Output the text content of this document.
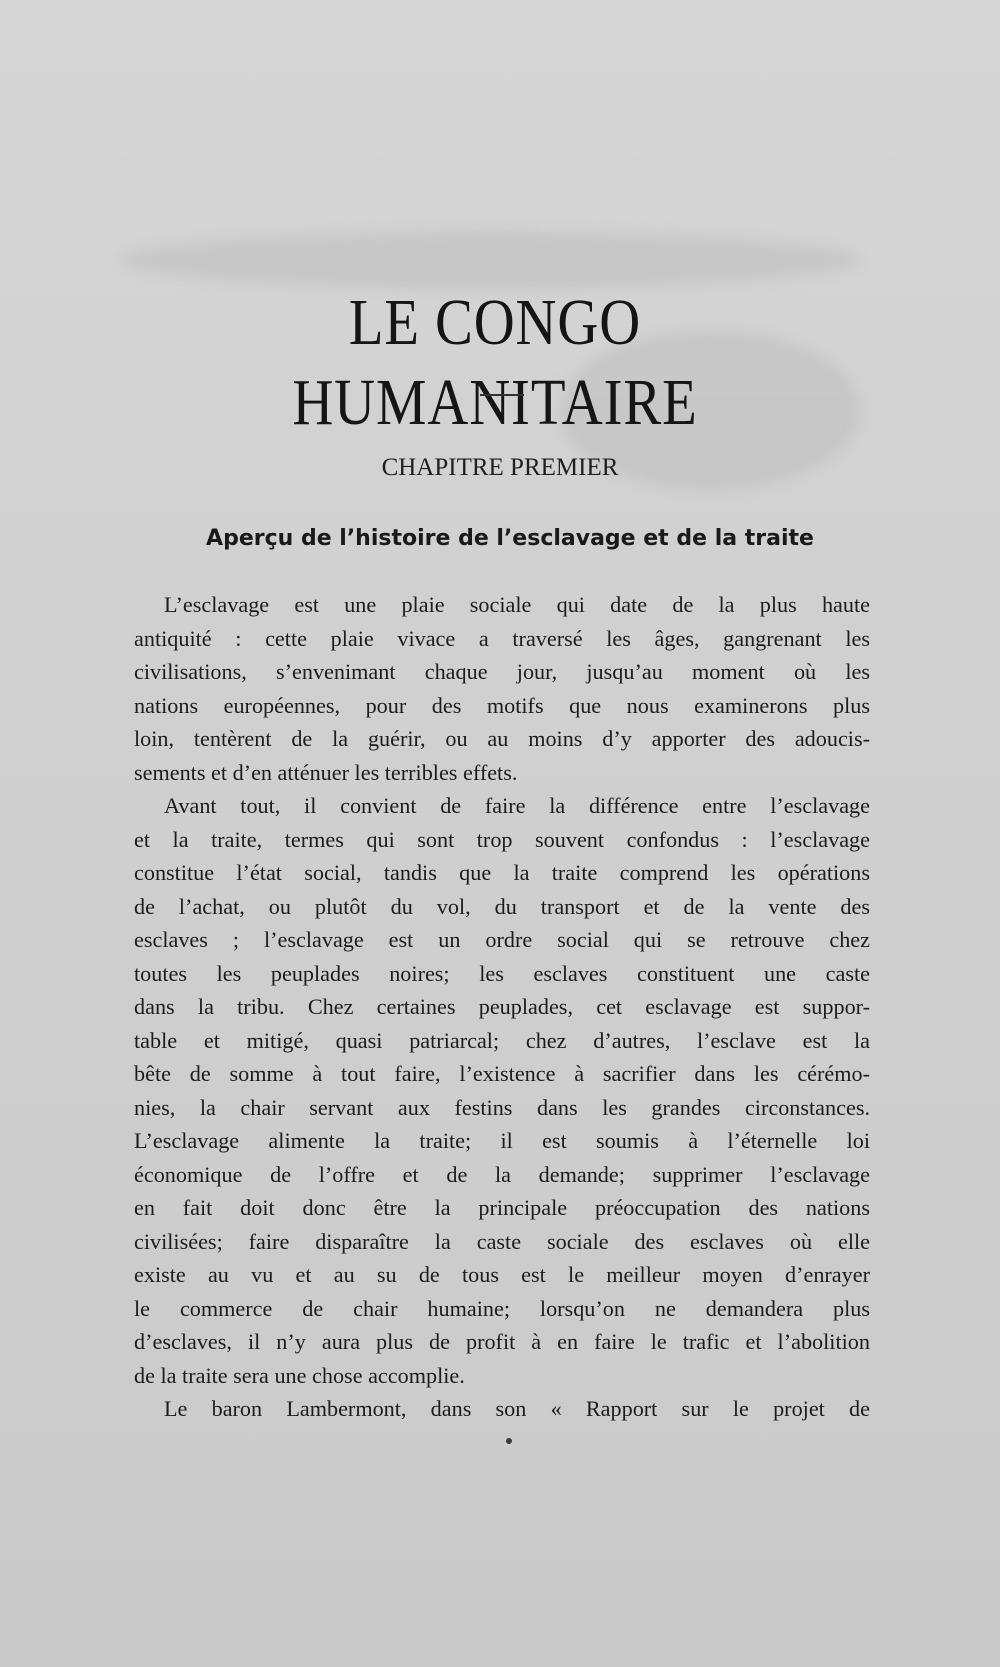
LE CONGO HUMANITAIRE
CHAPITRE PREMIER
Aperçu de l’histoire de l’esclavage et de la traite
L’esclavage est une plaie sociale qui date de la plus haute
antiquité : cette plaie vivace a traversé les âges, gangrenant les
civilisations, s’envenimant chaque jour, jusqu’au moment où les
nations européennes, pour des motifs que nous examinerons plus
loin, tentèrent de la guérir, ou au moins d’y apporter des adoucis-
sements et d’en atténuer les terribles effets.
Avant tout, il convient de faire la différence entre l’esclavage
et la traite, termes qui sont trop souvent confondus : l’esclavage
constitue l’état social, tandis que la traite comprend les opérations
de l’achat, ou plutôt du vol, du transport et de la vente des
esclaves ; l’esclavage est un ordre social qui se retrouve chez
toutes les peuplades noires; les esclaves constituent une caste
dans la tribu. Chez certaines peuplades, cet esclavage est suppor-
table et mitigé, quasi patriarcal; chez d’autres, l’esclave est la
bête de somme à tout faire, l’existence à sacrifier dans les cérémo-
nies, la chair servant aux festins dans les grandes circonstances.
L’esclavage alimente la traite; il est soumis à l’éternelle loi
économique de l’offre et de la demande; supprimer l’esclavage
en fait doit donc être la principale préoccupation des nations
civilisées; faire disparaître la caste sociale des esclaves où elle
existe au vu et au su de tous est le meilleur moyen d’enrayer
le commerce de chair humaine; lorsqu’on ne demandera plus
d’esclaves, il n’y aura plus de profit à en faire le trafic et l’abolition
de la traite sera une chose accomplie.
Le baron Lambermont, dans son « Rapport sur le projet de
